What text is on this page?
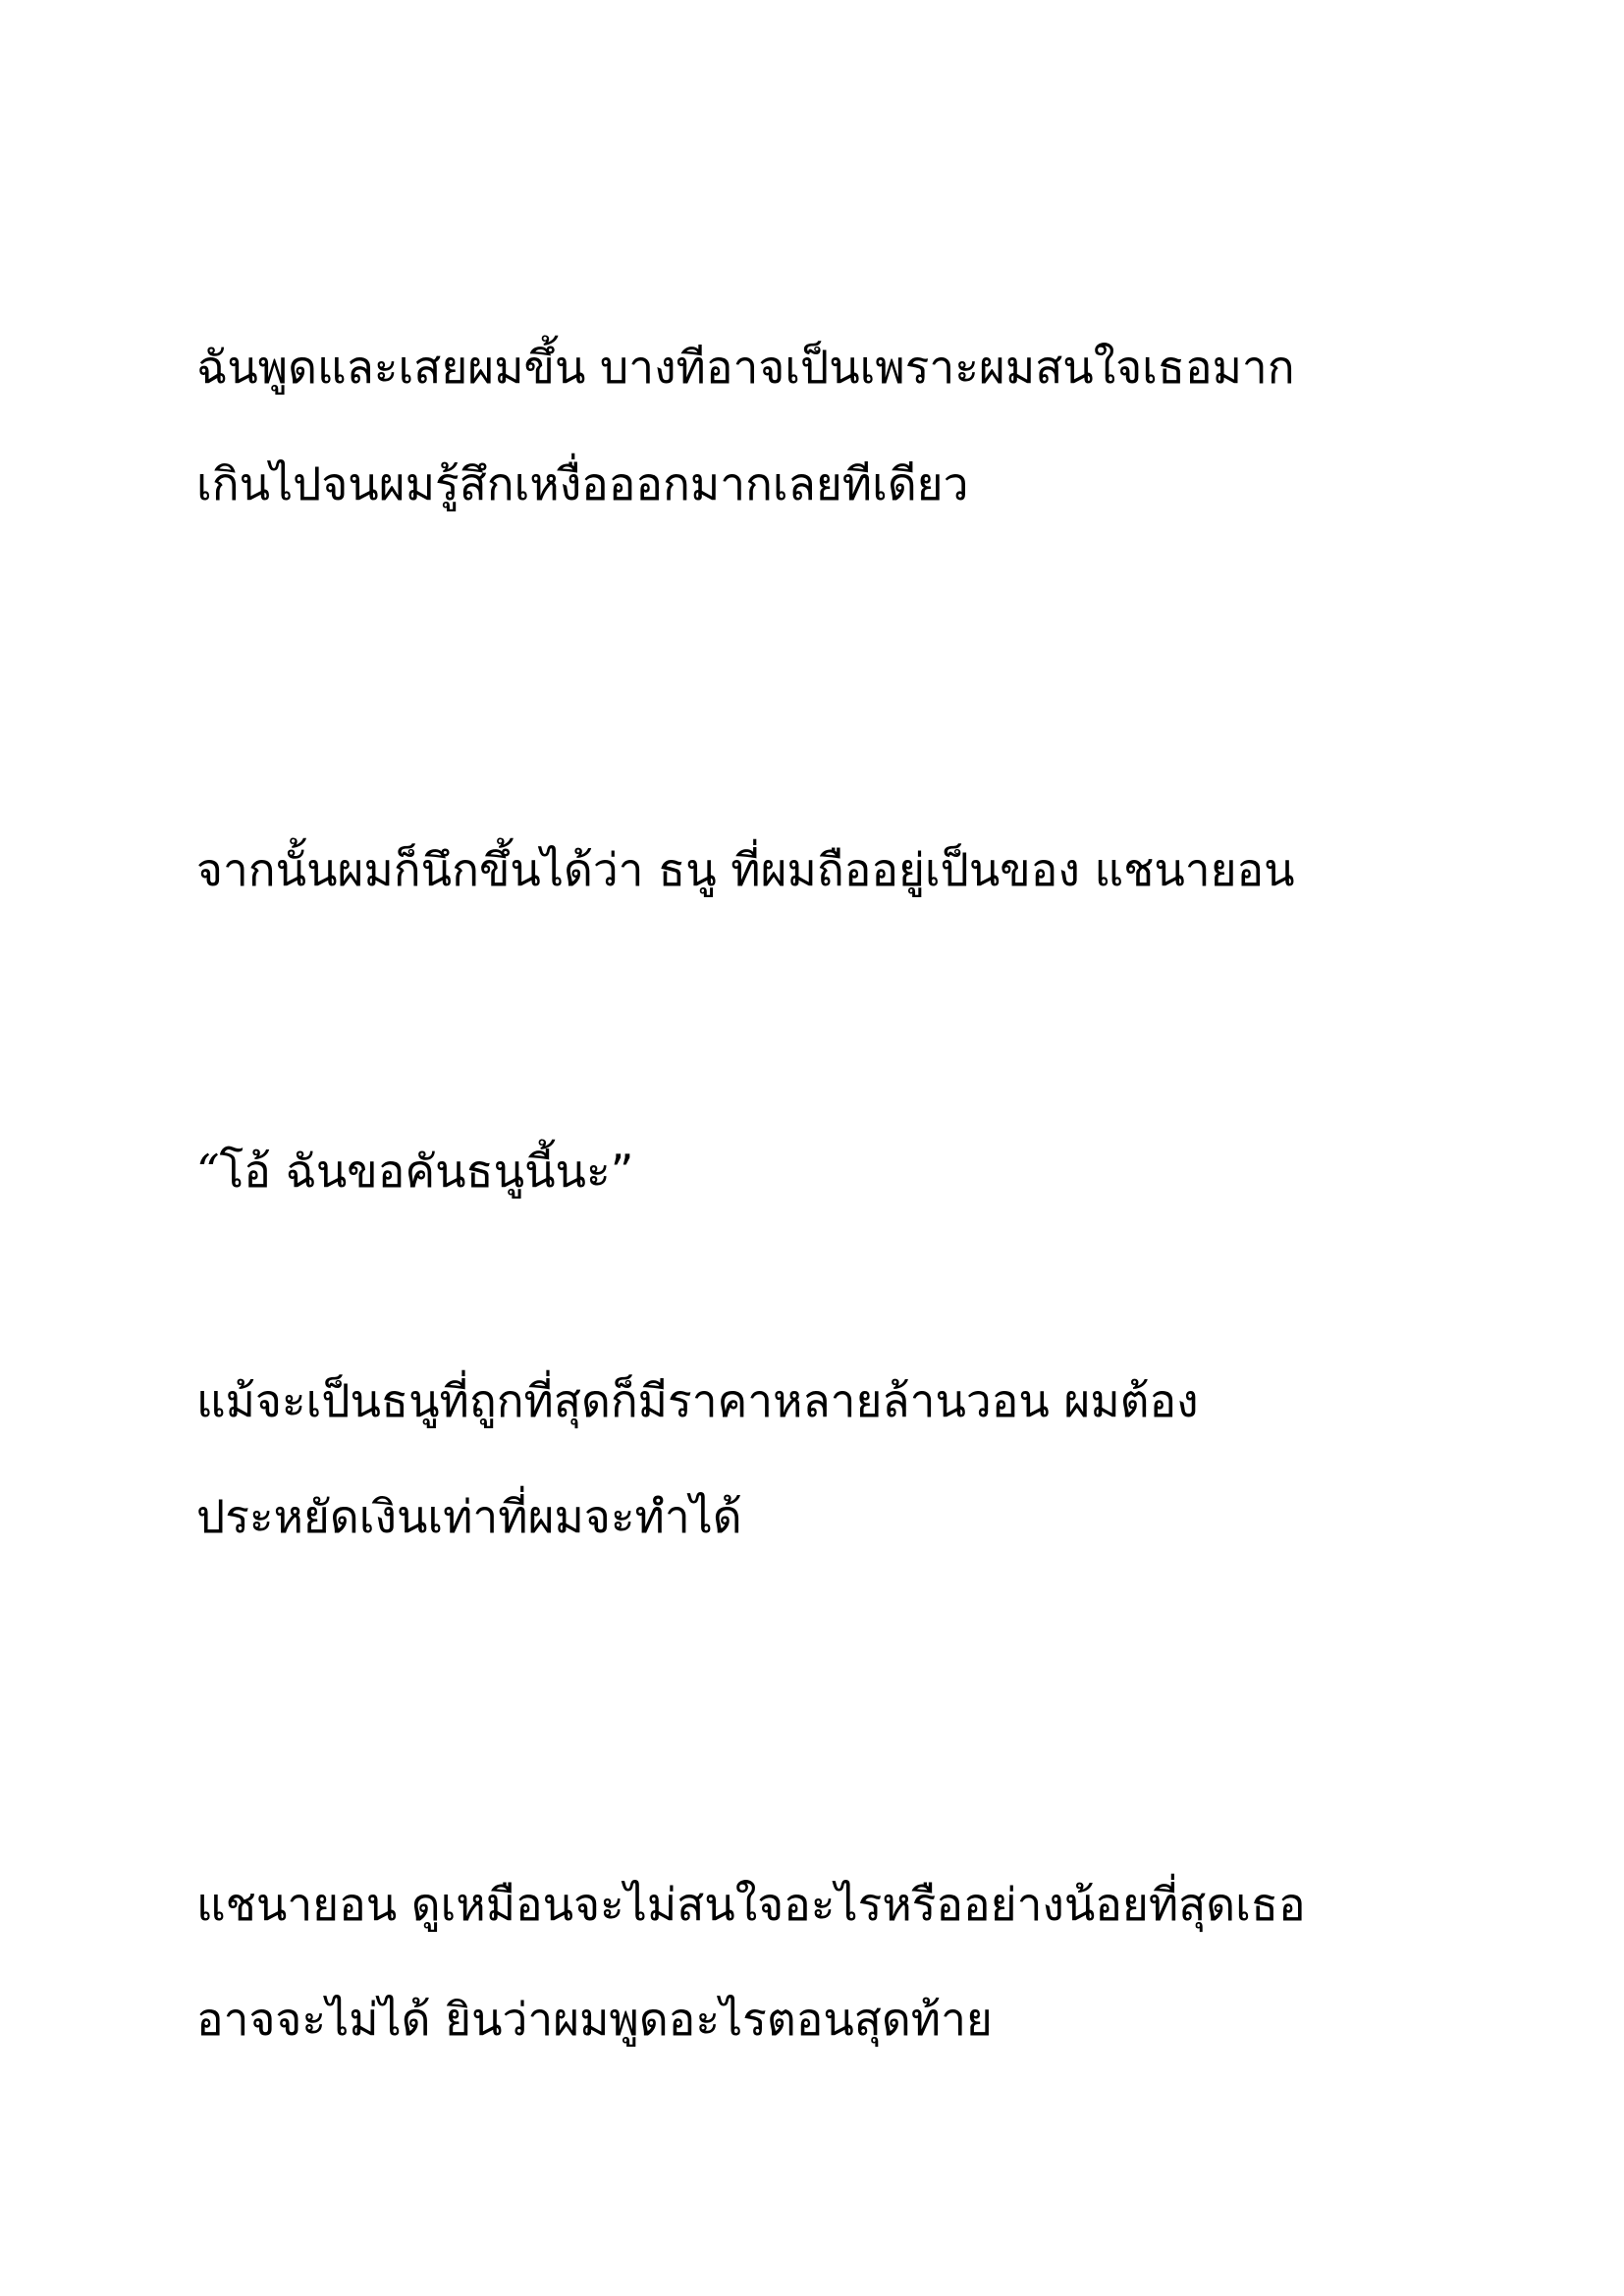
ฉันพูดและเสยผมขึ้น บางทีอาจเป็นเพราะผมสนใจเธอมาก
เกินไปจนผมรู้สึกเหงื่อออกมากเลยทีเดียว
จากนั้นผมก็นึกขึ้นได้ว่า ธนู ที่ผมถืออยู่เป็นของ แชนายอน
“โอ้ ฉันขอคันธนูนี้นะ”
แม้จะเป็นธนูที่ถูกที่สุดก็มีราคาหลายล้านวอน ผมต้อง
ประหยัดเงินเท่าที่ผมจะทำได้
แชนายอน ดูเหมือนจะไม่สนใจอะไรหรืออย่างน้อยที่สุดเธอ
อาจจะไม่ได้ ยินว่าผมพูดอะไรตอนสุดท้าย
